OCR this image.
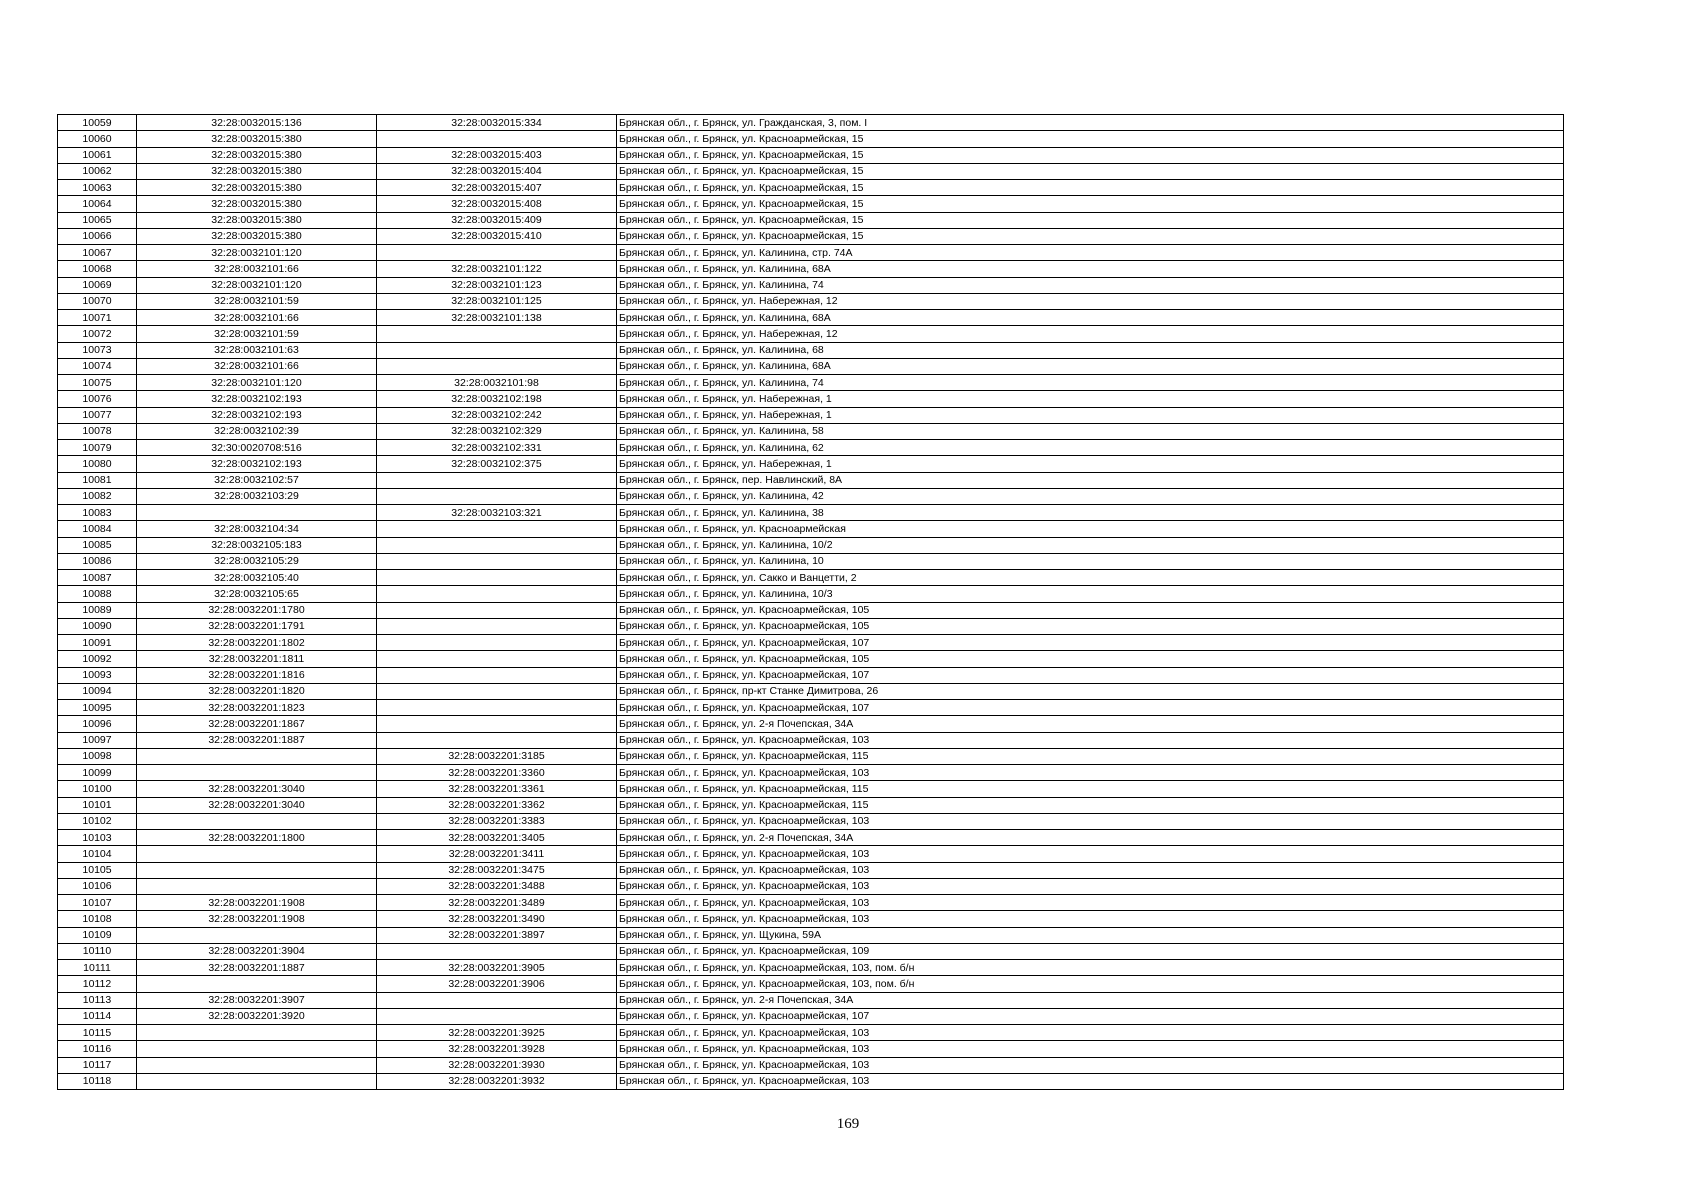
10059	32:28:0032015:136	32:28:0032015:334	Брянская обл., г. Брянск, ул. Гражданская, 3, пом. I
10060	32:28:0032015:380		Брянская обл., г. Брянск, ул. Красноармейская, 15
10061	32:28:0032015:380	32:28:0032015:403	Брянская обл., г. Брянск, ул. Красноармейская, 15
10062	32:28:0032015:380	32:28:0032015:404	Брянская обл., г. Брянск, ул. Красноармейская, 15
10063	32:28:0032015:380	32:28:0032015:407	Брянская обл., г. Брянск, ул. Красноармейская, 15
10064	32:28:0032015:380	32:28:0032015:408	Брянская обл., г. Брянск, ул. Красноармейская, 15
10065	32:28:0032015:380	32:28:0032015:409	Брянская обл., г. Брянск, ул. Красноармейская, 15
10066	32:28:0032015:380	32:28:0032015:410	Брянская обл., г. Брянск, ул. Красноармейская, 15
10067	32:28:0032101:120		Брянская обл., г. Брянск, ул. Калинина, стр. 74А
10068	32:28:0032101:66	32:28:0032101:122	Брянская обл., г. Брянск, ул. Калинина, 68А
10069	32:28:0032101:120	32:28:0032101:123	Брянская обл., г. Брянск, ул. Калинина, 74
10070	32:28:0032101:59	32:28:0032101:125	Брянская обл., г. Брянск, ул. Набережная, 12
10071	32:28:0032101:66	32:28:0032101:138	Брянская обл., г. Брянск, ул. Калинина, 68А
10072	32:28:0032101:59		Брянская обл., г. Брянск, ул. Набережная, 12
10073	32:28:0032101:63		Брянская обл., г. Брянск, ул. Калинина, 68
10074	32:28:0032101:66		Брянская обл., г. Брянск, ул. Калинина, 68А
10075	32:28:0032101:120	32:28:0032101:98	Брянская обл., г. Брянск, ул. Калинина, 74
10076	32:28:0032102:193	32:28:0032102:198	Брянская обл., г. Брянск, ул. Набережная, 1
10077	32:28:0032102:193	32:28:0032102:242	Брянская обл., г. Брянск, ул. Набережная, 1
10078	32:28:0032102:39	32:28:0032102:329	Брянская обл., г. Брянск, ул. Калинина, 58
10079	32:30:0020708:516	32:28:0032102:331	Брянская обл., г. Брянск, ул. Калинина, 62
10080	32:28:0032102:193	32:28:0032102:375	Брянская обл., г. Брянск, ул. Набережная, 1
10081	32:28:0032102:57		Брянская обл., г. Брянск, пер. Навлинский, 8А
10082	32:28:0032103:29		Брянская обл., г. Брянск, ул. Калинина, 42
10083		32:28:0032103:321	Брянская обл., г. Брянск, ул. Калинина, 38
10084	32:28:0032104:34		Брянская обл., г. Брянск, ул. Красноармейская
10085	32:28:0032105:183		Брянская обл., г. Брянск, ул. Калинина, 10/2
10086	32:28:0032105:29		Брянская обл., г. Брянск, ул. Калинина, 10
10087	32:28:0032105:40		Брянская обл., г. Брянск, ул. Сакко и Ванцетти, 2
10088	32:28:0032105:65		Брянская обл., г. Брянск, ул. Калинина, 10/3
10089	32:28:0032201:1780		Брянская обл., г. Брянск, ул. Красноармейская, 105
10090	32:28:0032201:1791		Брянская обл., г. Брянск, ул. Красноармейская, 105
10091	32:28:0032201:1802		Брянская обл., г. Брянск, ул. Красноармейская, 107
10092	32:28:0032201:1811		Брянская обл., г. Брянск, ул. Красноармейская, 105
10093	32:28:0032201:1816		Брянская обл., г. Брянск, ул. Красноармейская, 107
10094	32:28:0032201:1820		Брянская обл., г. Брянск, пр-кт Станке Димитрова, 26
10095	32:28:0032201:1823		Брянская обл., г. Брянск, ул. Красноармейская, 107
10096	32:28:0032201:1867		Брянская обл., г. Брянск, ул. 2-я Почепская, 34А
10097	32:28:0032201:1887		Брянская обл., г. Брянск, ул. Красноармейская, 103
10098		32:28:0032201:3185	Брянская обл., г. Брянск, ул. Красноармейская, 115
10099		32:28:0032201:3360	Брянская обл., г. Брянск, ул. Красноармейская, 103
10100	32:28:0032201:3040	32:28:0032201:3361	Брянская обл., г. Брянск, ул. Красноармейская, 115
10101	32:28:0032201:3040	32:28:0032201:3362	Брянская обл., г. Брянск, ул. Красноармейская, 115
10102		32:28:0032201:3383	Брянская обл., г. Брянск, ул. Красноармейская, 103
10103	32:28:0032201:1800	32:28:0032201:3405	Брянская обл., г. Брянск, ул. 2-я Почепская, 34А
10104		32:28:0032201:3411	Брянская обл., г. Брянск, ул. Красноармейская, 103
10105		32:28:0032201:3475	Брянская обл., г. Брянск, ул. Красноармейская, 103
10106		32:28:0032201:3488	Брянская обл., г. Брянск, ул. Красноармейская, 103
10107	32:28:0032201:1908	32:28:0032201:3489	Брянская обл., г. Брянск, ул. Красноармейская, 103
10108	32:28:0032201:1908	32:28:0032201:3490	Брянская обл., г. Брянск, ул. Красноармейская, 103
10109		32:28:0032201:3897	Брянская обл., г. Брянск, ул. Щукина, 59А
10110	32:28:0032201:3904		Брянская обл., г. Брянск, ул. Красноармейская, 109
10111	32:28:0032201:1887	32:28:0032201:3905	Брянская обл., г. Брянск, ул. Красноармейская, 103, пом. б/н
10112		32:28:0032201:3906	Брянская обл., г. Брянск, ул. Красноармейская, 103, пом. б/н
10113	32:28:0032201:3907		Брянская обл., г. Брянск, ул. 2-я Почепская, 34А
10114	32:28:0032201:3920		Брянская обл., г. Брянск, ул. Красноармейская, 107
10115		32:28:0032201:3925	Брянская обл., г. Брянск, ул. Красноармейская, 103
10116		32:28:0032201:3928	Брянская обл., г. Брянск, ул. Красноармейская, 103
10117		32:28:0032201:3930	Брянская обл., г. Брянск, ул. Красноармейская, 103
10118		32:28:0032201:3932	Брянская обл., г. Брянск, ул. Красноармейская, 103
169
